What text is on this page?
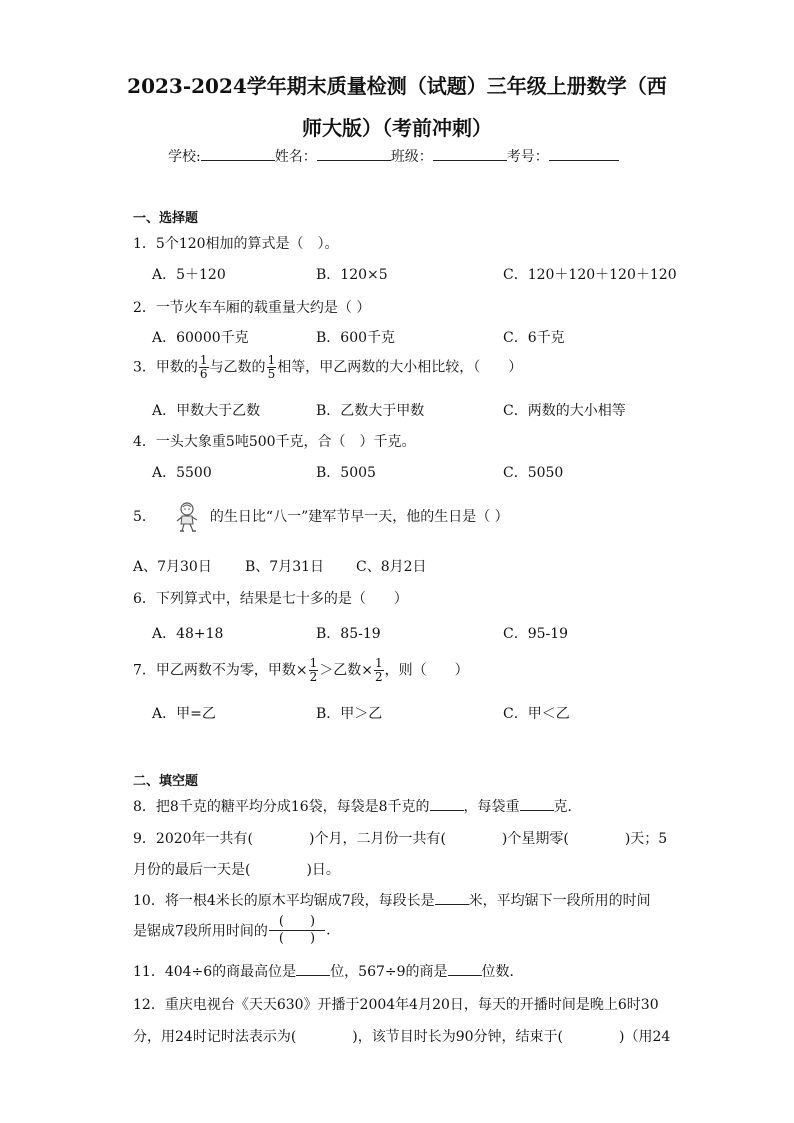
2023-2024学年期末质量检测（试题）三年级上册数学（西
师大版）（考前冲刺）
学校:	姓名：	班级：	考号：
一、选择题
1．5个120相加的算式是（　）。
A．5＋120	B．120×5	C．120＋120＋120＋120
2．一节火车车厢的载重量大约是（ ）
A．60000千克	B．600千克	C．6千克
3．甲数的 $\frac{1}{6}$ 与乙数的 $\frac{1}{5}$ 相等，甲乙两数的大小相比较，（　　）
A．甲数大于乙数	B．乙数大于甲数	C．两数的大小相等
4．一头大象重5吨500千克，合（　）千克。
A．5500	B．5005	C．5050
5．	的生日比“八一”建军节早一天，他的生日是（ ）
A、7月30日 B、7月31日 C、8月2日
6．下列算式中，结果是七十多的是（　　）
A．48+18	B．85-19	C．95-19
7．甲乙两数不为零，甲数× $\frac{1}{2}$ ＞乙数× $\frac{1}{2}$ ，则（　　）
A．甲=乙	B．甲＞乙	C．甲＜乙
二、填空题
8．把8千克的糖平均分成16袋，每袋是8千克的 ，每袋重 克．
9．2020年一共有(　　　　)个月，二月份一共有(　　　　)个星期零(　　　　)天；5
月份的最后一天是(　　　　)日。
10．将一根4米长的原木平均锯成7段，每段长是 米，平均锯下一段所用的时间
是锯成7段所用时间的 $\frac{( )}{( )}$ .
11．404÷6的商最高位是 位，567÷9的商是 位数．
12．重庆电视台《天天630》开播于2004年4月20日，每天的开播时间是晚上6时30
分，用24时记时法表示为(　　　　)，该节目时长为90分钟，结束于(　　　　)（用24
